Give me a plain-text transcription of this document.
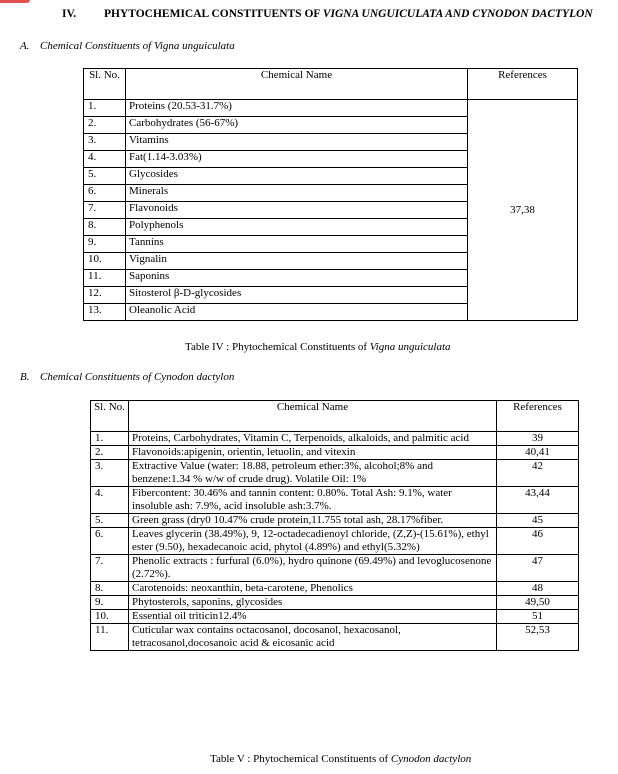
IV. PHYTOCHEMICAL CONSTITUENTS OF VIGNA UNGUICULATA AND CYNODON DACTYLON
A. Chemical Constituents of Vigna unguiculata
Sl. No.	Chemical Name	References
1.	Proteins (20.53-31.7%)	37,38
2.	Carbohydrates (56-67%)	
3.	Vitamins	
4.	Fat(1.14-3.03%)	
5.	Glycosides	
6.	Minerals	
7.	Flavonoids	
8.	Polyphenols	
9.	Tannins	
10.	Vignalin	
11.	Saponins	
12.	Sitosterol β-D-glycosides	
13.	Oleanolic Acid	
Table IV : Phytochemical Constituents of Vigna unguiculata
B. Chemical Constituents of Cynodon dactylon
Sl. No.	Chemical Name	References
1.	Proteins, Carbohydrates, Vitamin C, Terpenoids, alkaloids, and palmitic acid	39
2.	Flavonoids:apigenin, orientin, letuolin, and vitexin	40,41
3.	Extractive Value (water: 18.88, petroleum ether:3%, alcohol;8% and benzene:1.34 % w/w of crude drug). Volatile Oil: 1%	42
4.	Fibercontent: 30.46% and tannin content: 0.80%. Total Ash: 9.1%, water insoluble ash: 7.9%, acid insoluble ash:3.7%.	43,44
5.	Green grass (dry0 10.47% crude protein,11.755 total ash, 28.17%fiber.	45
6.	Leaves glycerin (38.49%), 9, 12-octadecadienoyl chloride, (Z,Z)-(15.61%), ethyl ester (9.50), hexadecanoic acid, phytol (4.89%) and ethyl(5.32%)	46
7.	Phenolic extracts : furfural (6.0%), hydro quinone (69.49%) and levoglucosenone (2.72%).	47
8.	Carotenoids: neoxanthin, beta-carotene, Phenolics	48
9.	Phytosterols, saponins, glycosides	49,50
10.	Essential oil triticin12.4%	51
11.	Cuticular wax contains octacosanol, docosanol, hexacosanol, tetracosanol,docosanoic acid & eicosanic acid	52,53
Table V : Phytochemical Constituents of Cynodon dactylon
